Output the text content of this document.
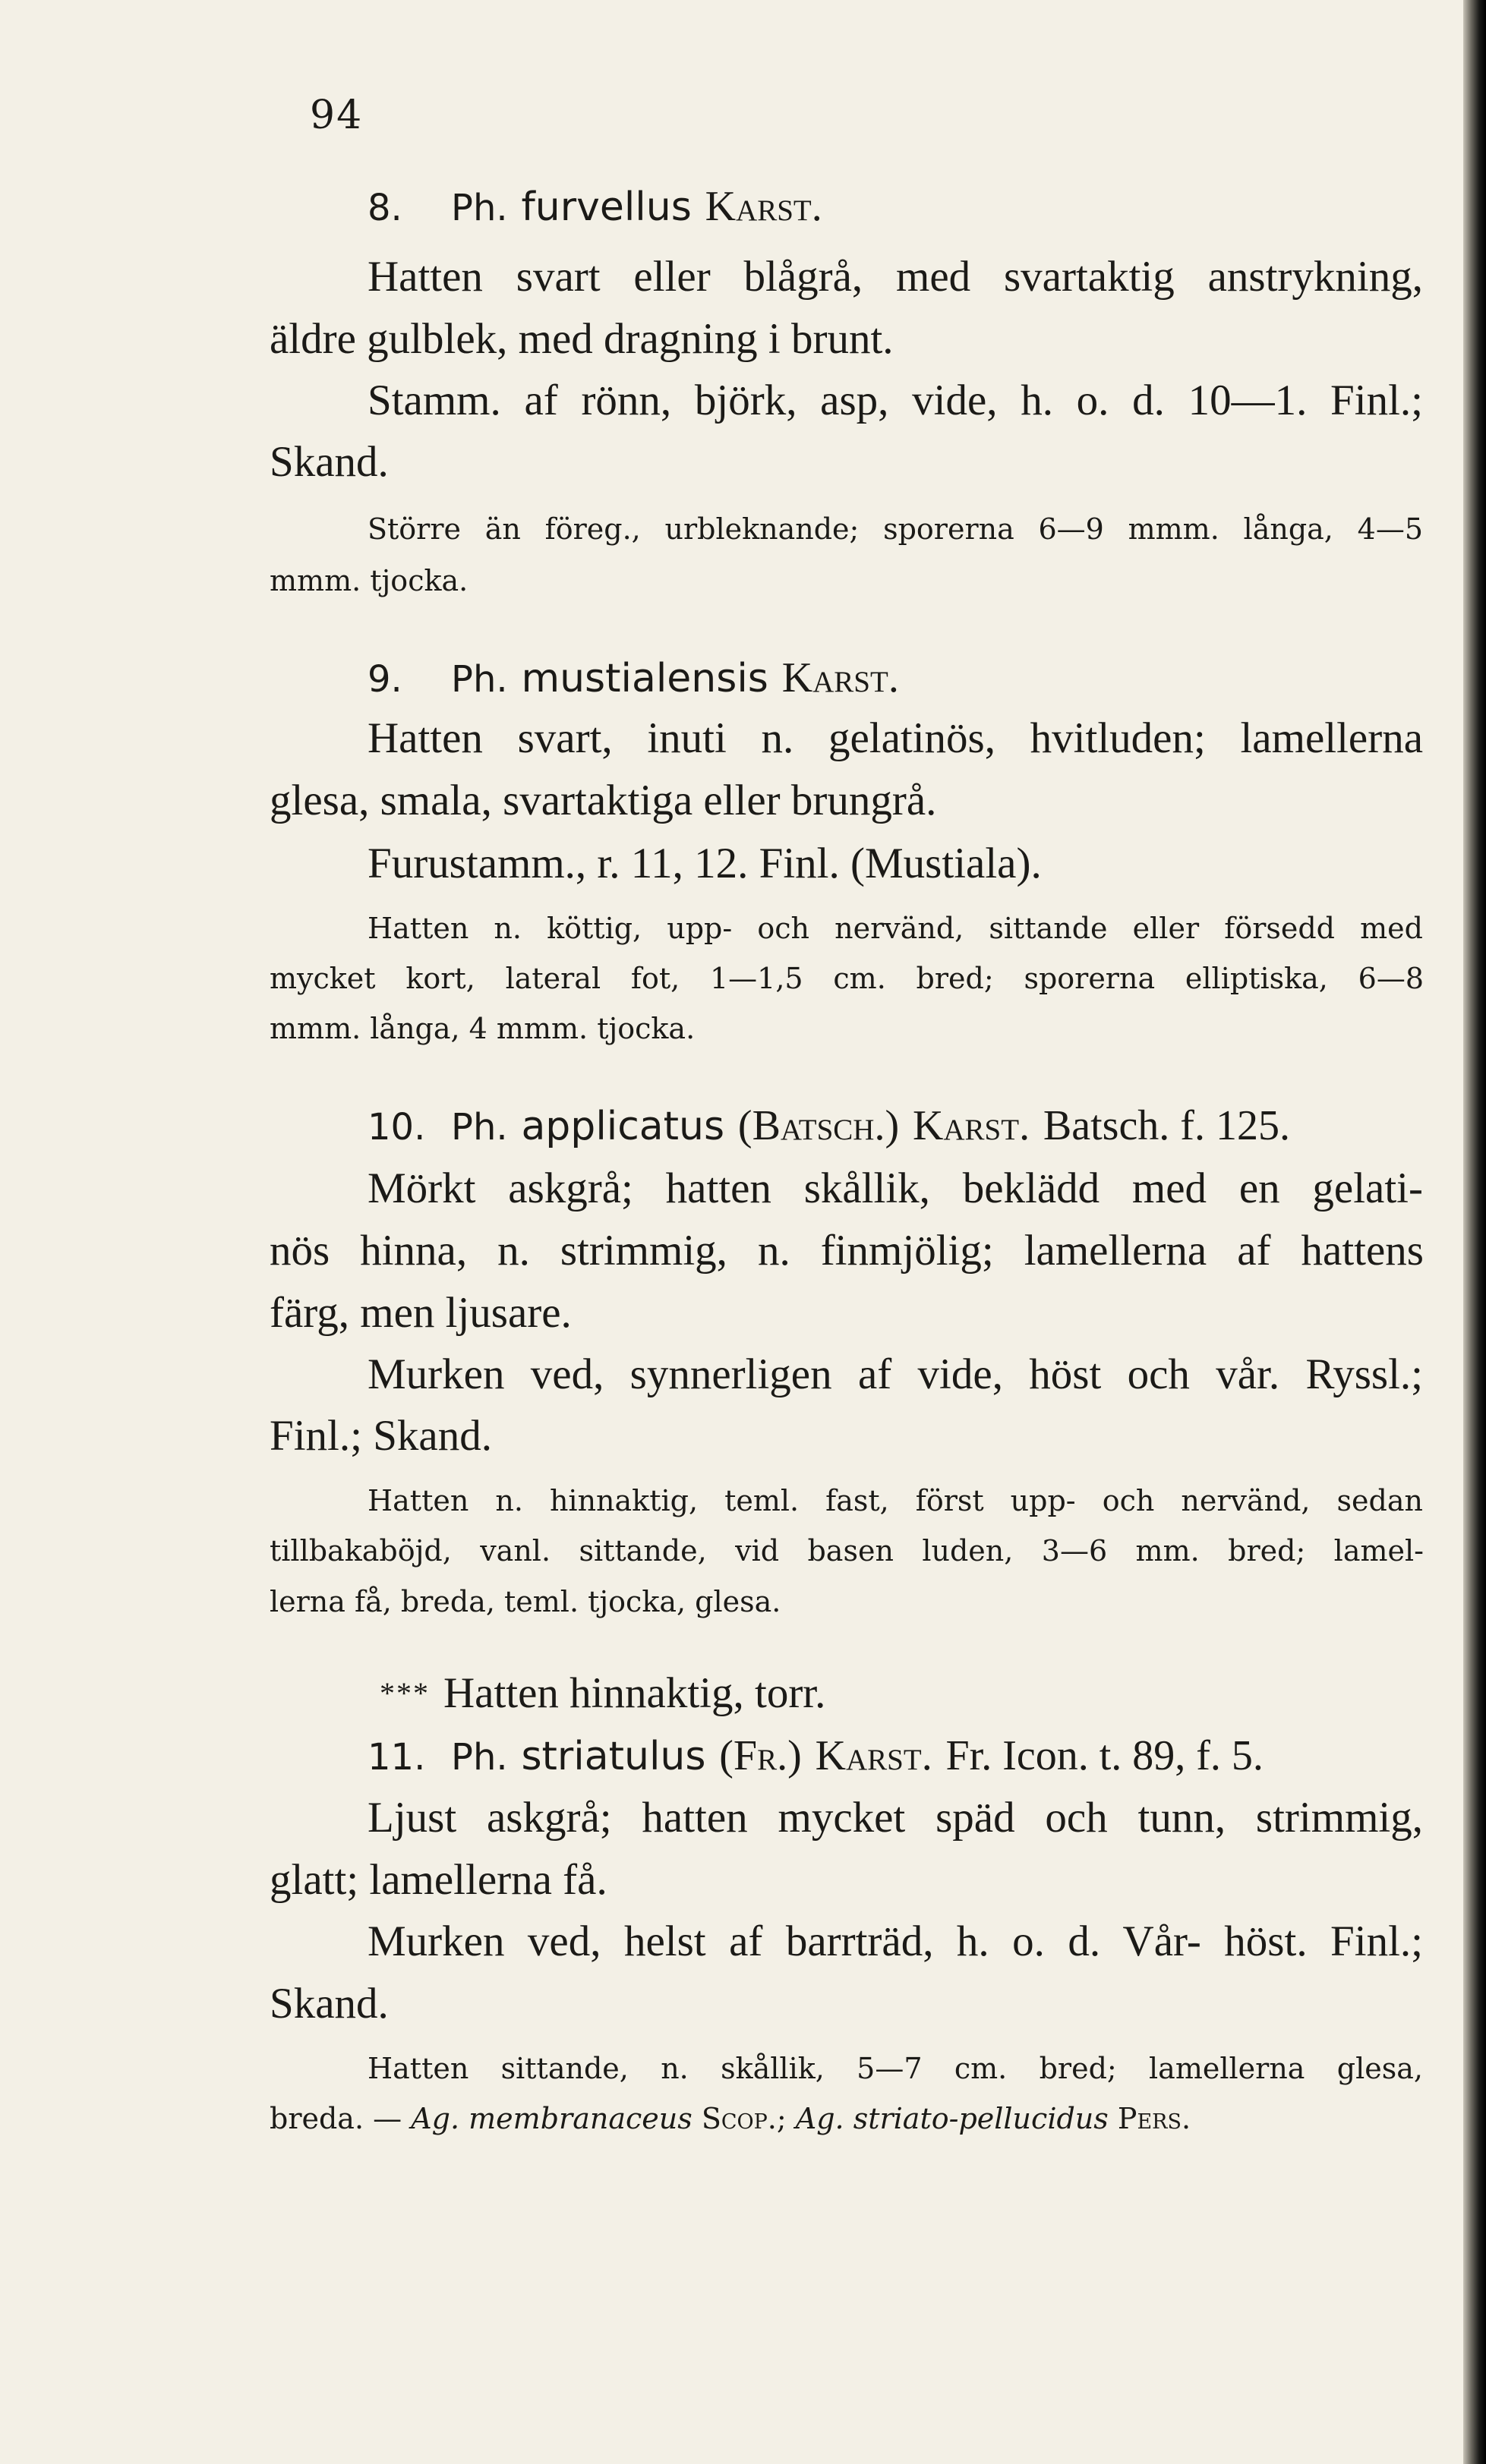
94
8. Ph. furvellus Karst.
Hatten svart eller blågrå, med svartaktig anstrykning,
äldre gulblek, med dragning i brunt.
Stamm. af rönn, björk, asp, vide, h. o. d. 10—1. Finl.;
Skand.
Större än föreg., urbleknande; sporerna 6—9 mmm. långa, 4—5
mmm. tjocka.
9. Ph. mustialensis Karst.
Hatten svart, inuti n. gelatinös, hvitluden; lamellerna
glesa, smala, svartaktiga eller brungrå.
Furustamm., r. 11, 12. Finl. (Mustiala).
Hatten n. köttig, upp- och nervänd, sittande eller försedd med
mycket kort, lateral fot, 1—1,5 cm. bred; sporerna elliptiska, 6—8
mmm. långa, 4 mmm. tjocka.
10. Ph. applicatus (Batsch.) Karst. Batsch. f. 125.
Mörkt askgrå; hatten skållik, beklädd med en gelati-
nös hinna, n. strimmig, n. finmjölig; lamellerna af hattens
färg, men ljusare.
Murken ved, synnerligen af vide, höst och vår. Ryssl.;
Finl.; Skand.
Hatten n. hinnaktig, teml. fast, först upp- och nervänd, sedan
tillbakaböjd, vanl. sittande, vid basen luden, 3—6 mm. bred; lamel-
lerna få, breda, teml. tjocka, glesa.
*** Hatten hinnaktig, torr.
11. Ph. striatulus (Fr.) Karst. Fr. Icon. t. 89, f. 5.
Ljust askgrå; hatten mycket späd och tunn, strimmig,
glatt; lamellerna få.
Murken ved, helst af barrträd, h. o. d. Vår- höst. Finl.;
Skand.
Hatten sittande, n. skållik, 5—7 cm. bred; lamellerna glesa,
breda. — Ag. membranaceus Scop.; Ag. striato-pellucidus Pers.
